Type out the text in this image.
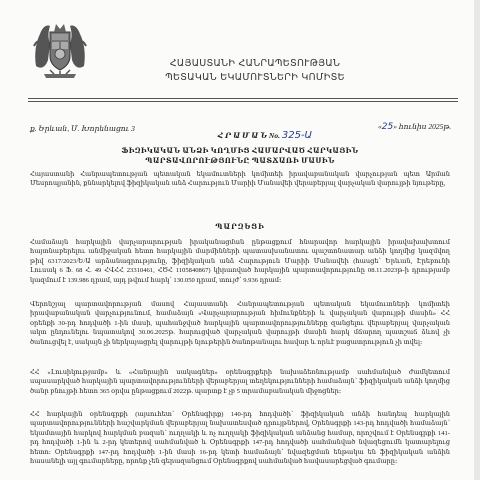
ՀԱՅԱՍՏԱՆԻ ՀԱՆՐԱՊԵՏՈՒԹՅԱՆ
ՊԵՏԱԿԱՆ ԵԿԱՄՈՒՏՆԵՐԻ ԿՈՄԻՏԵ
ք. Երևան, Մ. Խորենացու 3	«25» հունիս 2025թ.
Հ Ր Ա Մ Ա Ն No. 325-Ա
ՖԻԶԻԿԱԿԱՆ ԱՆՁԻ ԿՈՂՄԻՑ ՀԱՄԱՐՎԱԾ ՀԱՐԿԱՅԻՆ
ՊԱՐՏԱՎՈՐՈՒԹՅՈՒՆԸ ՊԱՏՃԱՌԻ ՄԱՍԻՆ

Հայաստանի Հանրապետության պետական եկամուտների կոմիտեի իրավաբանական վարչության պետ Արման Մեսրոպյանին, քննարկելով ֆիզիկական անձ Հարություն Մարիի Մանավեի վերաբերյալ վարչական վարույթի նյութերը,

ՊԱՐԶԵՑԻ

Համաձայն հարկային վարչարարության իրականացման ընթացքում հնարավոր հարկային իրավախախտում հայտնաբերելու անմիջական հետո հարկային մարմինների պատասխանատու պաշտոնատար անձի կողմից կազմվող թիվ 6317/2023/Ե/Ա արձանագրությունը, ֆիզիկական անձ Հարություն Մարիի Մանավեի (հասցե՝ Երևան, Էրեբունի Լուսակ 6 Ֆ. 68 Հ. 49 ՀՎՀՀ 23310461, ՀԾՀ 1105840867) կիրառված հարկային պարտավորությունը 08.11.2023թ-ի դրությամբ կազմում է 139.986 դրամ, այդ թվում հարկ՝ 130.050 դրամ, տույժ՝ 9.936 դրամ։

Վերոնշյալ պարտավորության մասով Հայաստանի Հանրապետության պետական եկամուտների կոմիտեի իրավաբանական վարչությունում, համաձայն «Վարչարարության հիմունքների և վարչական վարույթի մասին» ՀՀ օրենքի 30-րդ հոդվածի 1-ին մասի, պահանջված հարկային պարտավորությունները զանցելու վերաբերյալ վարչական ակտ ընդունելու նպատակով 30.06.2025թ. հարուցված վարչական վարույթի մասին հարկ մճարող պատշաճ ձևով չի ծանուցվել է, սակայն չի ներկայացրել վարույթի նյութերին ծանոթանալու հավար և որևէ բացատրություն չի տվել։

ՀՀ «Լուսիկությամբ» և «Հանրային սակագներ» օրենսգրքերի նախաձեռնությամբ սահմանված ժամկետում սպասարկված հարկային պարտավորությունների վերաբերյալ տեղեկությունների համաձայն՝ ֆիզիկական անձի կողմից ծանր բնույթի հետո 365 օրվա ընթացքում 2022թ. պարտք է չբ 5 տրամաբանական միջոցներ։

ՀՀ հարկային օրենսգրքի (այսուհետ՝ Օրենսգիրք) 140-րդ հոդվածի՝ ֆիզիկական անձի հանդեպ հարկային պարտավորությունների հաշվարկման վերաբերյալ նախատեսված դրույթներով, Օրենսգրքի 143-րդ հոդվածի համաձայն՝ եկամտային հարկով հարկման բազան՝ ուղղակի և ոչ ուղղակի ֆիզիկական անձանց համար, որոշվում է Օրենսգրքի 141-րդ հոդվածի 1-ին և 2-րդ կետերով սահմանված և Օրենսգրքի 147-րդ հոդվածի սահմանված նվազեցումն կատարելուց հետո։ Օրենսգրքի 147-րդ հոդվածի 1-ին մասի 16-րդ կետի համաձայն՝ նվազեցման ենթակա են ֆիզիկական անձին հասանելի այլ գումարները, որոնք չեն գերազանցում Օրենսգրքով սահմանված հավասարեցված գումարը։
